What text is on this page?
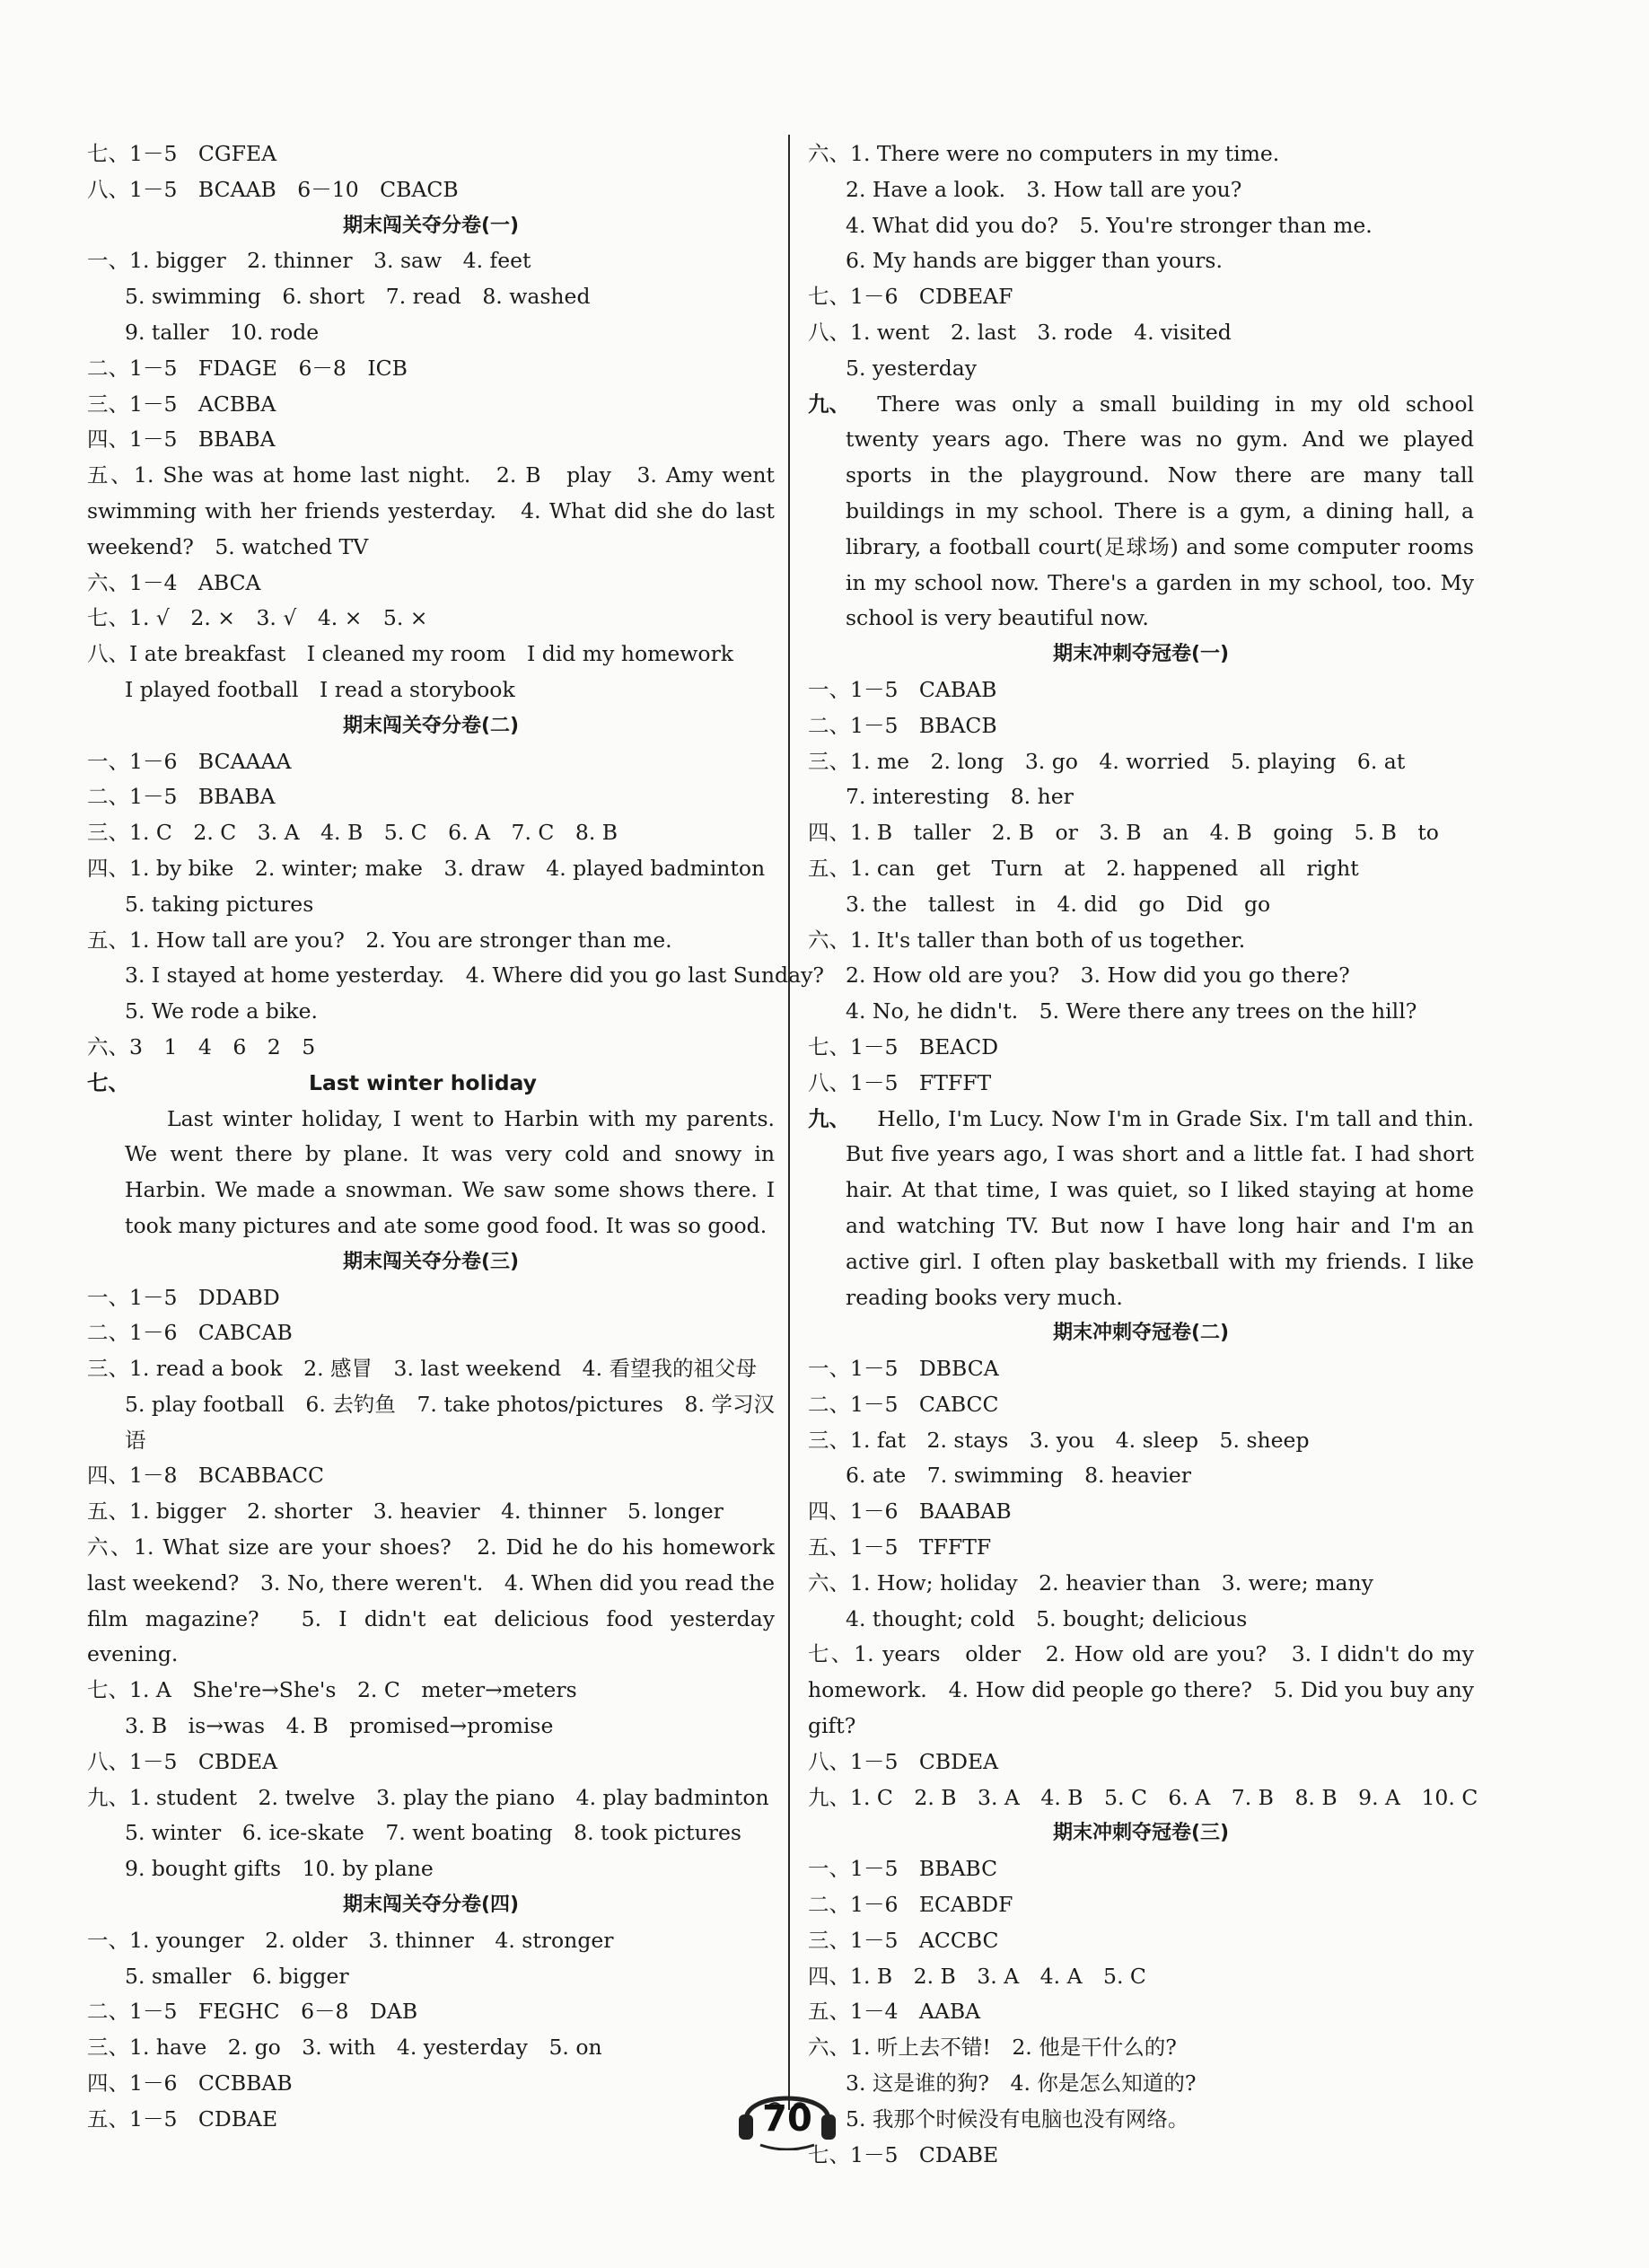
七、1－5　CGFEA
八、1－5　BCAAB　6－10　CBACB
期末闯关夺分卷(一)
一、1. bigger　2. thinner　3. saw　4. feet
5. swimming　6. short　7. read　8. washed
9. taller　10. rode
二、1－5　FDAGE　6－8　ICB
三、1－5　ACBBA
四、1－5　BBABA
五、1. She was at home last night.　2. B　play　3. Amy went swimming with her friends yesterday.　4. What did she do last weekend?　5. watched TV
六、1－4　ABCA
七、1. √　2. ×　3. √　4. ×　5. ×
八、I ate breakfast　I cleaned my room　I did my homework
I played football　I read a storybook
期末闯关夺分卷(二)
一、1－6　BCAAAA
二、1－5　BBABA
三、1. C　2. C　3. A　4. B　5. C　6. A　7. C　8. B
四、1. by bike　2. winter; make　3. draw　4. played badminton
5. taking pictures
五、1. How tall are you?　2. You are stronger than me.
3. I stayed at home yesterday.　4. Where did you go last Sunday?
5. We rode a bike.
六、3　1　4　6　2　5
七、	Last winter holiday
Last winter holiday, I went to Harbin with my parents. We went there by plane. It was very cold and snowy in Harbin. We made a snowman. We saw some shows there. I took many pictures and ate some good food. It was so good.
期末闯关夺分卷(三)
一、1－5　DDABD
二、1－6　CABCAB
三、1. read a book　2. 感冒　3. last weekend　4. 看望我的祖父母
5. play football　6. 去钓鱼　7. take photos/pictures　8. 学习汉语
四、1－8　BCABBACC
五、1. bigger　2. shorter　3. heavier　4. thinner　5. longer
六、1. What size are your shoes?　2. Did he do his homework last weekend?　3. No, there weren't.　4. When did you read the film magazine?　5. I didn't eat delicious food yesterday evening.
七、1. A　She're→She's　2. C　meter→meters
3. B　is→was　4. B　promised→promise
八、1－5　CBDEA
九、1. student　2. twelve　3. play the piano　4. play badminton
5. winter　6. ice-skate　7. went boating　8. took pictures
9. bought gifts　10. by plane
期末闯关夺分卷(四)
一、1. younger　2. older　3. thinner　4. stronger
5. smaller　6. bigger
二、1－5　FEGHC　6－8　DAB
三、1. have　2. go　3. with　4. yesterday　5. on
四、1－6　CCBBAB
五、1－5　CDBAE
六、1. There were no computers in my time.
2. Have a look.　3. How tall are you?
4. What did you do?　5. You're stronger than me.
6. My hands are bigger than yours.
七、1－6　CDBEAF
八、1. went　2. last　3. rode　4. visited
5. yesterday
九、	There was only a small building in my old school twenty years ago. There was no gym. And we played sports in the playground. Now there are many tall buildings in my school. There is a gym, a dining hall, a library, a football court(足球场) and some computer rooms in my school now. There's a garden in my school, too. My school is very beautiful now.
期末冲刺夺冠卷(一)
一、1－5　CABAB
二、1－5　BBACB
三、1. me　2. long　3. go　4. worried　5. playing　6. at
7. interesting　8. her
四、1. B　taller　2. B　or　3. B　an　4. B　going　5. B　to
五、1. can　get　Turn　at　2. happened　all　right
3. the　tallest　in　4. did　go　Did　go
六、1. It's taller than both of us together.
2. How old are you?　3. How did you go there?
4. No, he didn't.　5. Were there any trees on the hill?
七、1－5　BEACD
八、1－5　FTFFT
九、	Hello, I'm Lucy. Now I'm in Grade Six. I'm tall and thin. But five years ago, I was short and a little fat. I had short hair. At that time, I was quiet, so I liked staying at home and watching TV. But now I have long hair and I'm an active girl. I often play basketball with my friends. I like reading books very much.
期末冲刺夺冠卷(二)
一、1－5　DBBCA
二、1－5　CABCC
三、1. fat　2. stays　3. you　4. sleep　5. sheep
6. ate　7. swimming　8. heavier
四、1－6　BAABAB
五、1－5　TFFTF
六、1. How; holiday　2. heavier than　3. were; many
4. thought; cold　5. bought; delicious
七、1. years　older　2. How old are you?　3. I didn't do my homework.　4. How did people go there?　5. Did you buy any gift?
八、1－5　CBDEA
九、1. C　2. B　3. A　4. B　5. C　6. A　7. B　8. B　9. A　10. C
期末冲刺夺冠卷(三)
一、1－5　BBABC
二、1－6　ECABDF
三、1－5　ACCBC
四、1. B　2. B　3. A　4. A　5. C
五、1－4　AABA
六、1. 听上去不错!　2. 他是干什么的?
3. 这是谁的狗?　4. 你是怎么知道的?
5. 我那个时候没有电脑也没有网络。
七、1－5　CDABE
70
